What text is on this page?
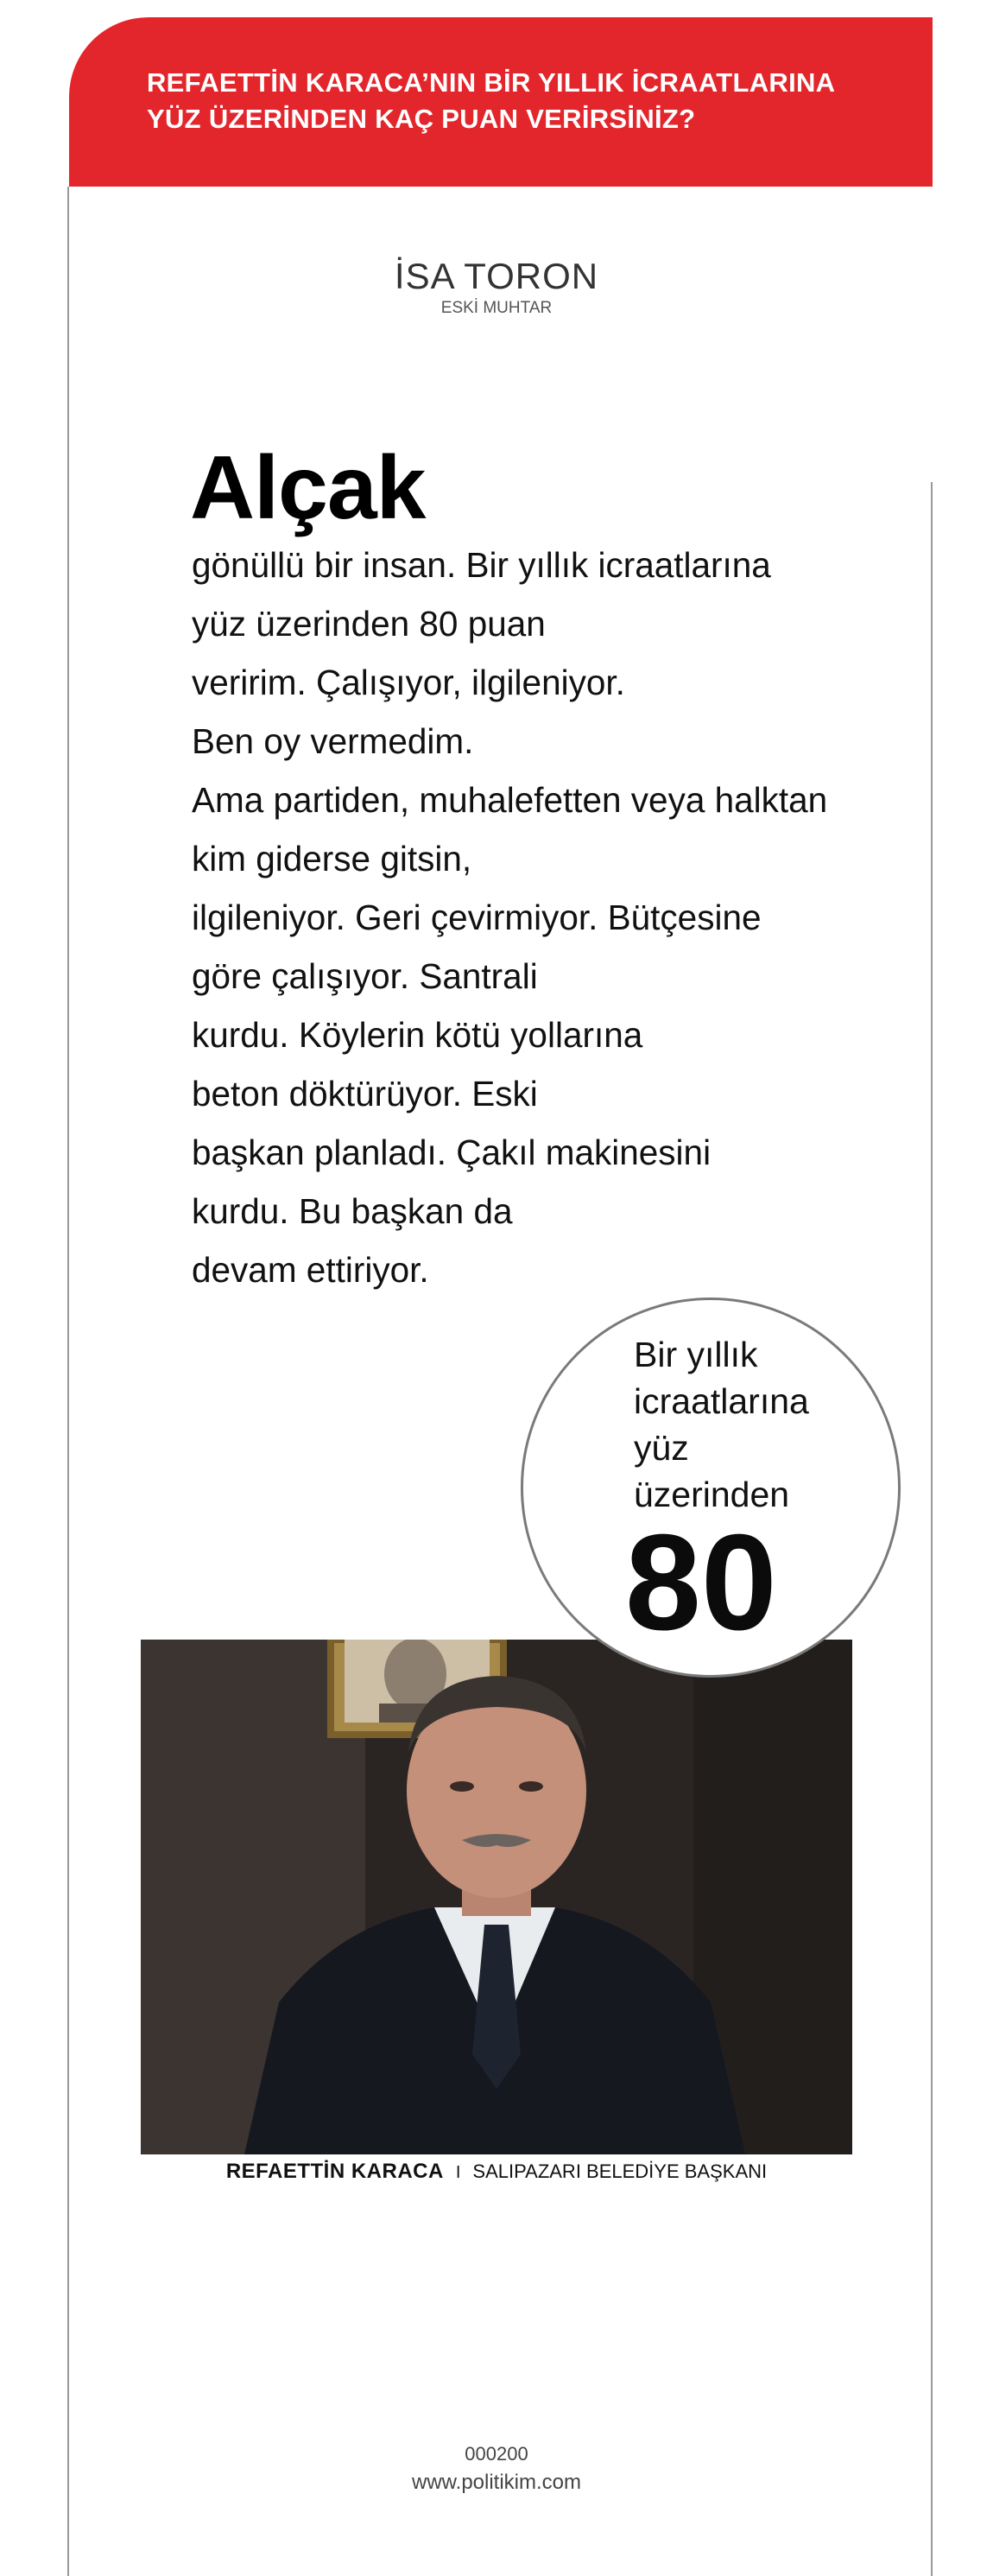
REFAETTİN KARACA’NIN BİR YILLIK İCRAATLARINA
YÜZ ÜZERİNDEN KAÇ PUAN VERİRSİNİZ?
İSA TORON
ESKİ MUHTAR
Alçak
gönüllü bir insan. Bir yıllık icraatlarına
yüz üzerinden 80 puan
veririm. Çalışıyor, ilgileniyor.
Ben oy vermedim.
Ama partiden, muhalefetten veya halktan
kim giderse gitsin,
ilgileniyor. Geri çevirmiyor. Bütçesine
göre çalışıyor. Santrali
kurdu. Köylerin kötü yollarına
beton döktürüyor. Eski
başkan planladı. Çakıl makinesini
kurdu. Bu başkan da
devam ettiriyor.
Bir yıllık
icraatlarına
yüz
üzerinden
80
REFAETTİN KARACA I SALIPAZARI BELEDİYE BAŞKANI
000200
www.politikim.com
